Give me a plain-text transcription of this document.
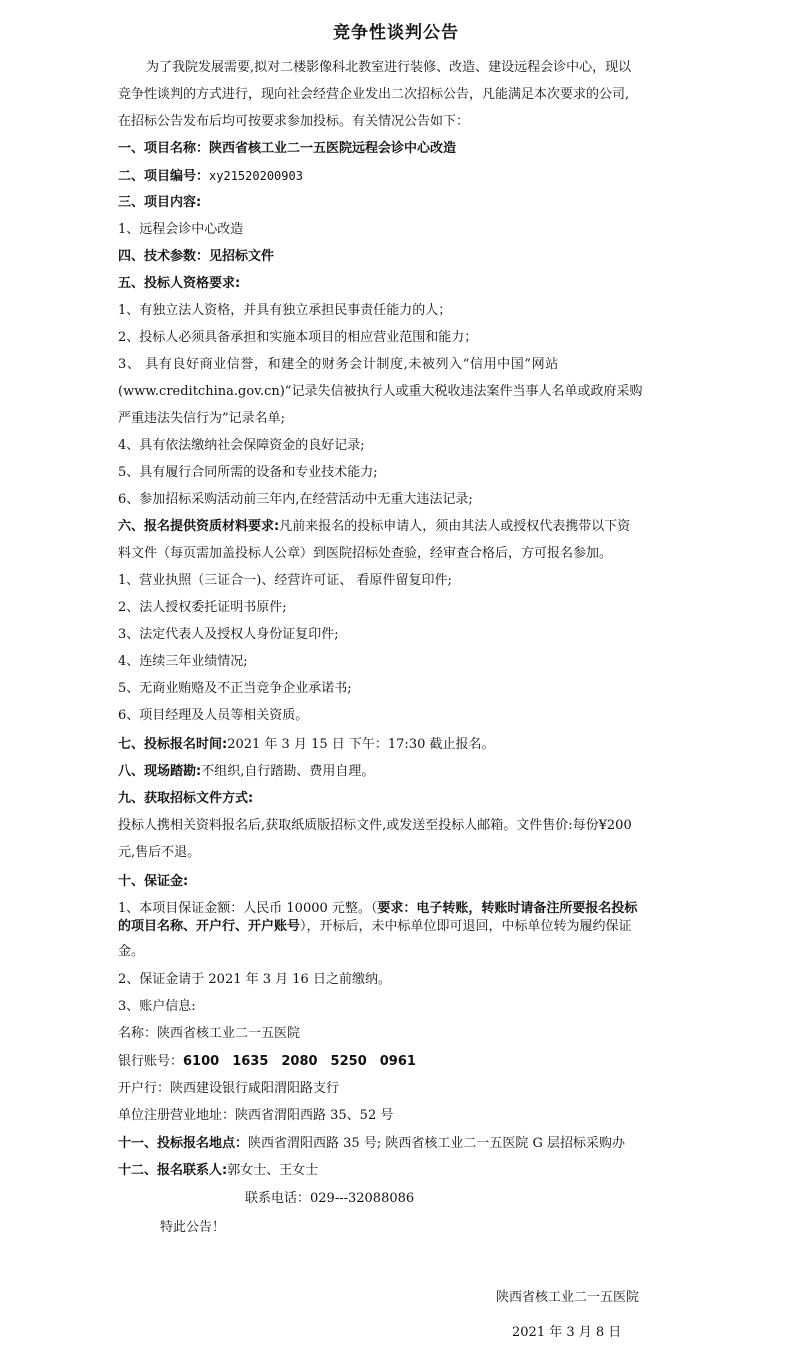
竞争性谈判公告
为了我院发展需要,拟对二楼影像科北教室进行装修、改造、建设远程会诊中心，现以
竞争性谈判的方式进行，现向社会经营企业发出二次招标公告，凡能满足本次要求的公司,
在招标公告发布后均可按要求参加投标。有关情况公告如下：
一、项目名称：陕西省核工业二一五医院远程会诊中心改造
二、项目编号：xy21520200903
三、项目内容:
1、远程会诊中心改造
四、技术参数：见招标文件
五、投标人资格要求:
1、有独立法人资格，并具有独立承担民事责任能力的人；
2、投标人必须具备承担和实施本项目的相应营业范围和能力；
3、 具有良好商业信誉，和建全的财务会计制度,未被列入“信用中国”网站
(www.creditchina.gov.cn)“记录失信被执行人或重大税收违法案件当事人名单或政府采购
严重违法失信行为”记录名单;
4、具有依法缴纳社会保障资金的良好记录;
5、具有履行合同所需的设备和专业技术能力;
6、参加招标采购活动前三年内,在经营活动中无重大违法记录;
六、报名提供资质材料要求:凡前来报名的投标申请人，须由其法人或授权代表携带以下资
料文件（每页需加盖投标人公章）到医院招标处查验，经审查合格后，方可报名参加。
1、营业执照（三证合一)、经营许可证、 看原件留复印件;
2、法人授权委托证明书原件;
3、法定代表人及授权人身份证复印件;
4、连续三年业绩情况;
5、无商业贿赂及不正当竞争企业承诺书;
6、项目经理及人员等相关资质。
七、投标报名时间:2021 年 3 月 15 日 下午：17:30 截止报名。
八、现场踏勘:不组织,自行踏勘、费用自理。
九、获取招标文件方式:
投标人携相关资料报名后,获取纸质版招标文件,或发送至投标人邮箱。文件售价:每份¥200
元,售后不退。
十、保证金:
1、本项目保证金额：人民币 10000 元整。（要求：电子转账，转账时请备注所要报名投标
的项目名称、开户行、开户账号），开标后，未中标单位即可退回，中标单位转为履约保证
金。
2、保证金请于 2021 年 3 月 16 日之前缴纳。
3、账户信息:
名称：陕西省核工业二一五医院
银行账号：6100　1635　2080　5250　0961
开户行：陕西建设银行咸阳渭阳路支行
单位注册营业地址：陕西省渭阳西路 35、52 号
十一、投标报名地点：陕西省渭阳西路 35 号; 陕西省核工业二一五医院 G 层招标采购办
十二、报名联系人:郭女士、王女士
联系电话：029---32088086
特此公告！
陕西省核工业二一五医院
2021 年 3 月 8 日
